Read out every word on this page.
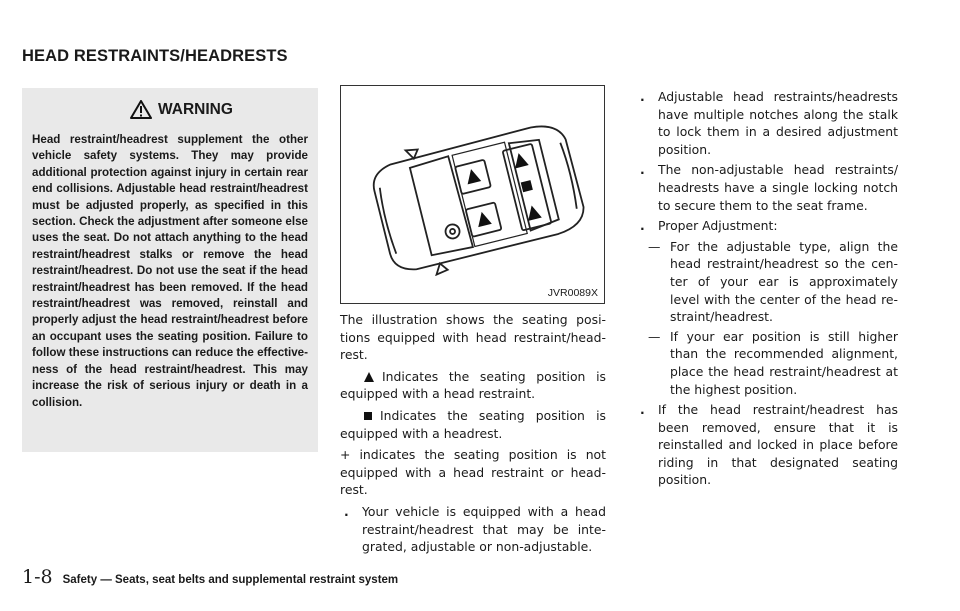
HEAD RESTRAINTS/HEADRESTS
WARNING
Head restraint/headrest supplement the other vehicle safety systems. They may provide additional protection against injury in certain rear end collisions. Adjustable head restraint/headrest must be adjusted properly, as specified in this section. Check the adjustment after someone else uses the seat. Do not attach anything to the head restraint/headrest stalks or remove the head restraint/headrest. Do not use the seat if the head restraint/headrest has been removed. If the head restraint/headrest was removed, reinstall and properly adjust the head restraint/headrest before an occupant uses the seating position. Failure to follow these instructions can reduce the effective-ness of the head restraint/headrest. This may increase the risk of serious injury or death in a collision.
JVR0089X

The illustration shows the seating posi-tions equipped with head restraint/head-rest.

Indicates the seating position is equipped with a head restraint.

Indicates the seating position is equipped with a headrest.

+ indicates the seating position is not equipped with a head restraint or head-rest.

. Your vehicle is equipped with a head restraint/headrest that may be inte-grated, adjustable or non-adjustable.
. Adjustable head restraints/headrests have multiple notches along the stalk to lock them in a desired adjustment position.
. The non-adjustable head restraints/ headrests have a single locking notch to secure them to the seat frame.
. Proper Adjustment:
— For the adjustable type, align the head restraint/headrest so the cen-ter of your ear is approximately level with the center of the head re-straint/headrest.
— If your ear position is still higher than the recommended alignment, place the head restraint/headrest at the highest position.
. If the head restraint/headrest has been removed, ensure that it is reinstalled and locked in place before riding in that designated seating position.
1-8 Safety — Seats, seat belts and supplemental restraint system
